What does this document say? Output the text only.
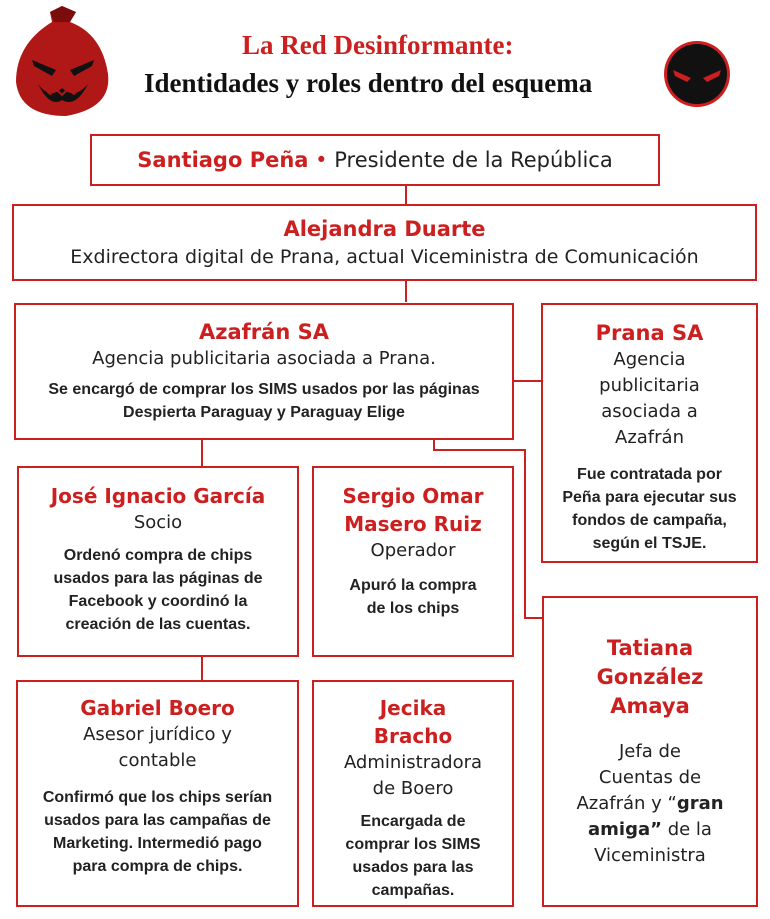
La Red Desinformante:
Identidades y roles dentro del esquema
Santiago Peña • Presidente de la República
Alejandra Duarte
Exdirectora digital de Prana, actual Viceministra de Comunicación
Azafrán SA
Agencia publicitaria asociada a Prana.
Se encargó de comprar los SIMS usados por las páginas
Despierta Paraguay y Paraguay Elige
Prana SA
Agencia
publicitaria
asociada a
Azafrán
Fue contratada por
Peña para ejecutar sus
fondos de campaña,
según el TSJE.
José Ignacio García
Socio
Ordenó compra de chips
usados para las páginas de
Facebook y coordinó la
creación de las cuentas.
Sergio Omar
Masero Ruiz
Operador
Apuró la compra
de los chips
Gabriel Boero
Asesor jurídico y
contable
Confirmó que los chips serían
usados para las campañas de
Marketing. Intermedió pago
para compra de chips.
Jecika
Bracho
Administradora
de Boero
Encargada de
comprar los SIMS
usados para las
campañas.
Tatiana
González
Amaya
Jefa de
Cuentas de
Azafrán y “gran
amiga” de la
Viceministra
